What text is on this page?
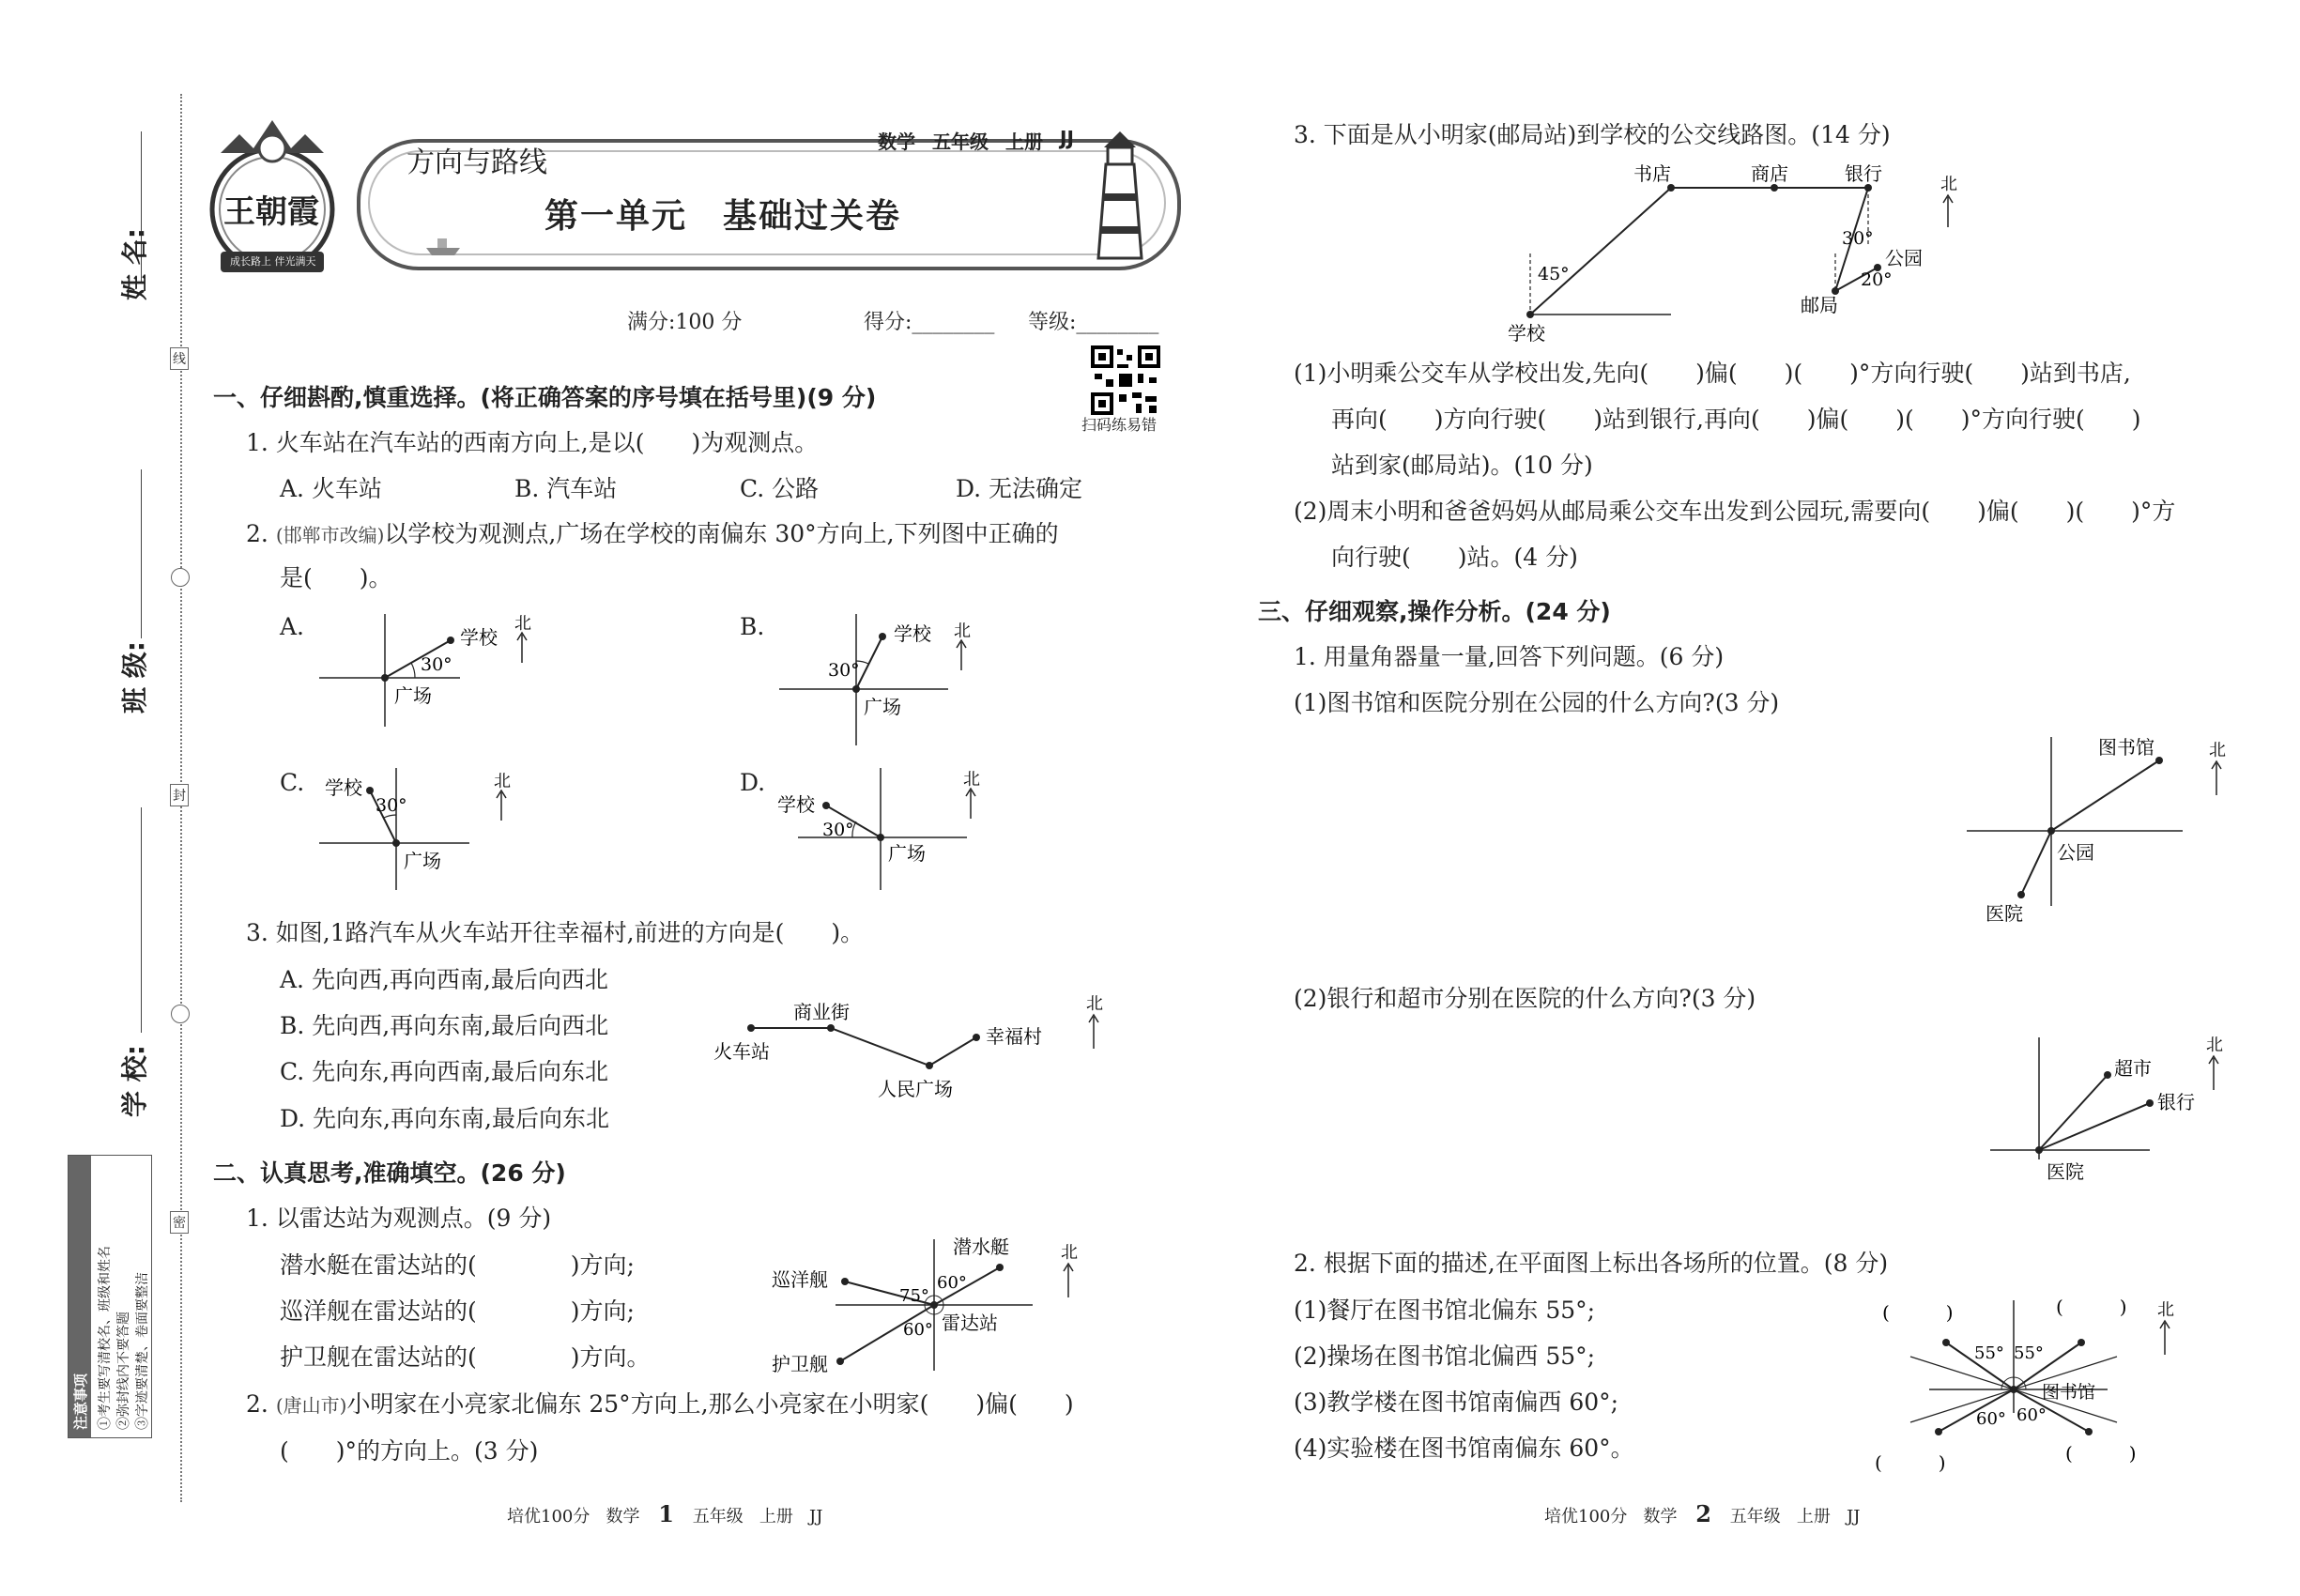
姓 名:
班 级:
学 校:
线
封
密
注意事项 ①考生要写清校名、班级和姓名 ②弥封线内不要答题 ③字迹要清楚、卷面要整洁
王朝霞
成长路上 伴光满天
方向与路线
数学 五年级 上册 JJ
第一单元　基础过关卷
满分:100 分	得分:________ 等级:________
扫码练易错
一、仔细斟酌,慎重选择。(将正确答案的序号填在括号里)(9 分)
1. 火车站在汽车站的西南方向上,是以(　　)为观测点。
A. 火车站	B. 汽车站	C. 公路	D. 无法确定
2. (邯郸市改编)以学校为观测点,广场在学校的南偏东 30°方向上,下列图中正确的
是(　　)。
A.
30°
学校
广场
北	B.
30°
学校
广场
北
C.
30°
学校
广场
北	D.
30°
学校
广场
北
3. 如图,1路汽车从火车站开往幸福村,前进的方向是(　　)。
A. 先向西,再向西南,最后向西北
B. 先向西,再向东南,最后向西北
C. 先向东,再向西南,最后向东北
D. 先向东,再向东南,最后向东北
火车站
商业街
人民广场
幸福村
北
二、认真思考,准确填空。(26 分)
1. 以雷达站为观测点。(9 分)
潜水艇在雷达站的(　　　　)方向;
巡洋舰在雷达站的(　　　　)方向;
护卫舰在雷达站的(　　　　)方向。
潜水艇
巡洋舰
护卫舰
雷达站
60°
75°
60°
北
2. (唐山市)小明家在小亮家北偏东 25°方向上,那么小亮家在小明家(　　)偏(　　)
(　　)°的方向上。(3 分)
3. 下面是从小明家(邮局站)到学校的公交线路图。(14 分)
书店	商店	银行
公园
邮局
学校
45°
30°
20°
北
(1)小明乘公交车从学校出发,先向(　　)偏(　　)(　　)°方向行驶(　　)站到书店,
再向(　　)方向行驶(　　)站到银行,再向(　　)偏(　　)(　　)°方向行驶(　　)
站到家(邮局站)。(10 分)
(2)周末小明和爸爸妈妈从邮局乘公交车出发到公园玩,需要向(　　)偏(　　)(　　)°方
向行驶(　　)站。(4 分)
三、仔细观察,操作分析。(24 分)
1. 用量角器量一量,回答下列问题。(6 分)
(1)图书馆和医院分别在公园的什么方向?(3 分)
图书馆
公园
医院
北
(2)银行和超市分别在医院的什么方向?(3 分)
超市
银行
医院
北
2. 根据下面的描述,在平面图上标出各场所的位置。(8 分)
(1)餐厅在图书馆北偏东 55°;
(2)操场在图书馆北偏西 55°;
(3)教学楼在图书馆南偏西 60°;
(4)实验楼在图书馆南偏东 60°。
55° 55°
60° 60°
图书馆
(　　　)	(　　　)
(　　　)	(　　　)
北
培优100分 数学 1 五年级 上册 JJ	培优100分 数学 2 五年级 上册 JJ
